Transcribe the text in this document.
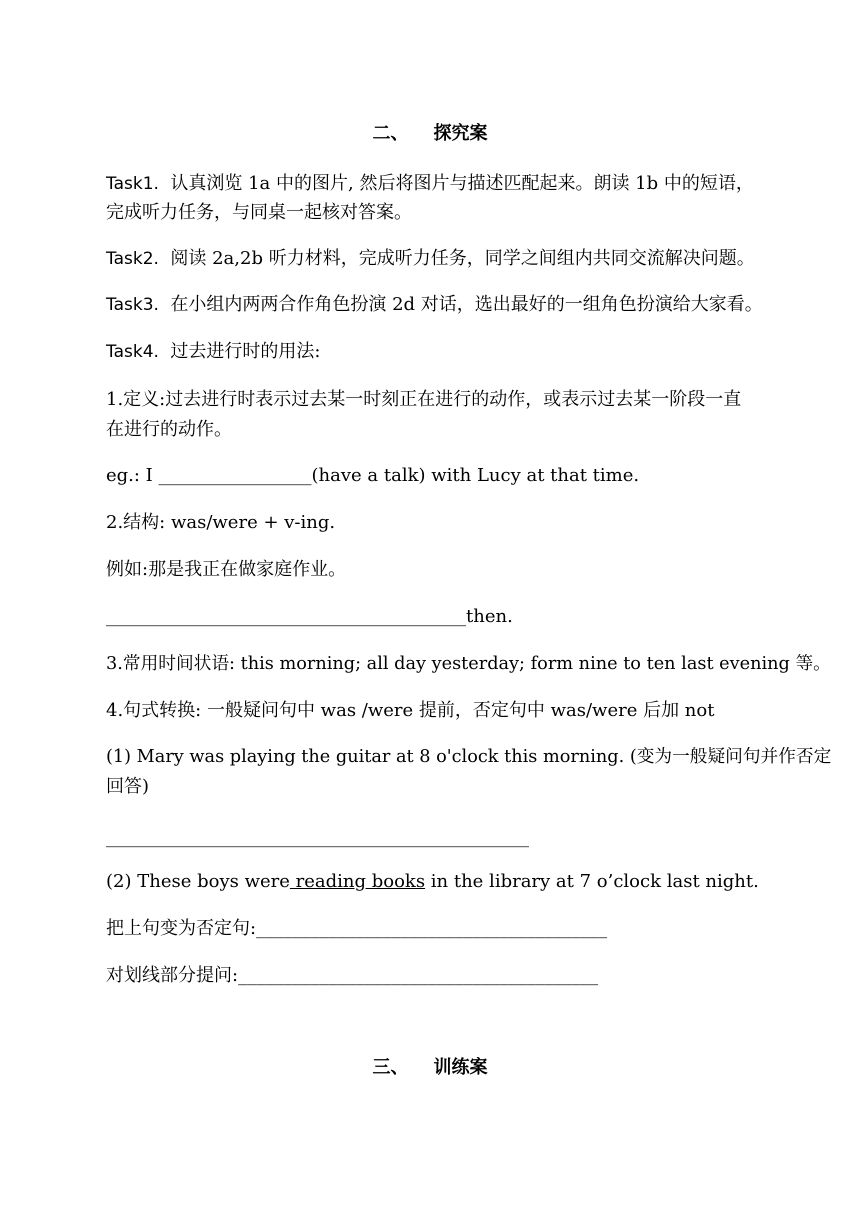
二、    探究案
Task1. 认真浏览 1a 中的图片, 然后将图片与描述匹配起来。朗读 1b 中的短语，
完成听力任务，与同桌一起核对答案。
Task2. 阅读 2a,2b 听力材料，完成听力任务，同学之间组内共同交流解决问题。
Task3. 在小组内两两合作角色扮演 2d 对话，选出最好的一组角色扮演给大家看。
Task4. 过去进行时的用法:
1.定义:过去进行时表示过去某一时刻正在进行的动作，或表示过去某一阶段一直
在进行的动作。
eg.: I _________________(have a talk) with Lucy at that time.
2.结构: was/were + v-ing.
例如:那是我正在做家庭作业。
________________________________________then.
3.常用时间状语: this morning; all day yesterday; form nine to ten last evening 等。
4.句式转换: 一般疑问句中 was /were 提前，否定句中 was/were 后加 not
(1) Mary was playing the guitar at 8 o'clock this morning. (变为一般疑问句并作否定
回答)
_______________________________________________
(2) These boys were reading books in the library at 7 o’clock last night.
把上句变为否定句:_______________________________________
对划线部分提问:________________________________________
三、    训练案
